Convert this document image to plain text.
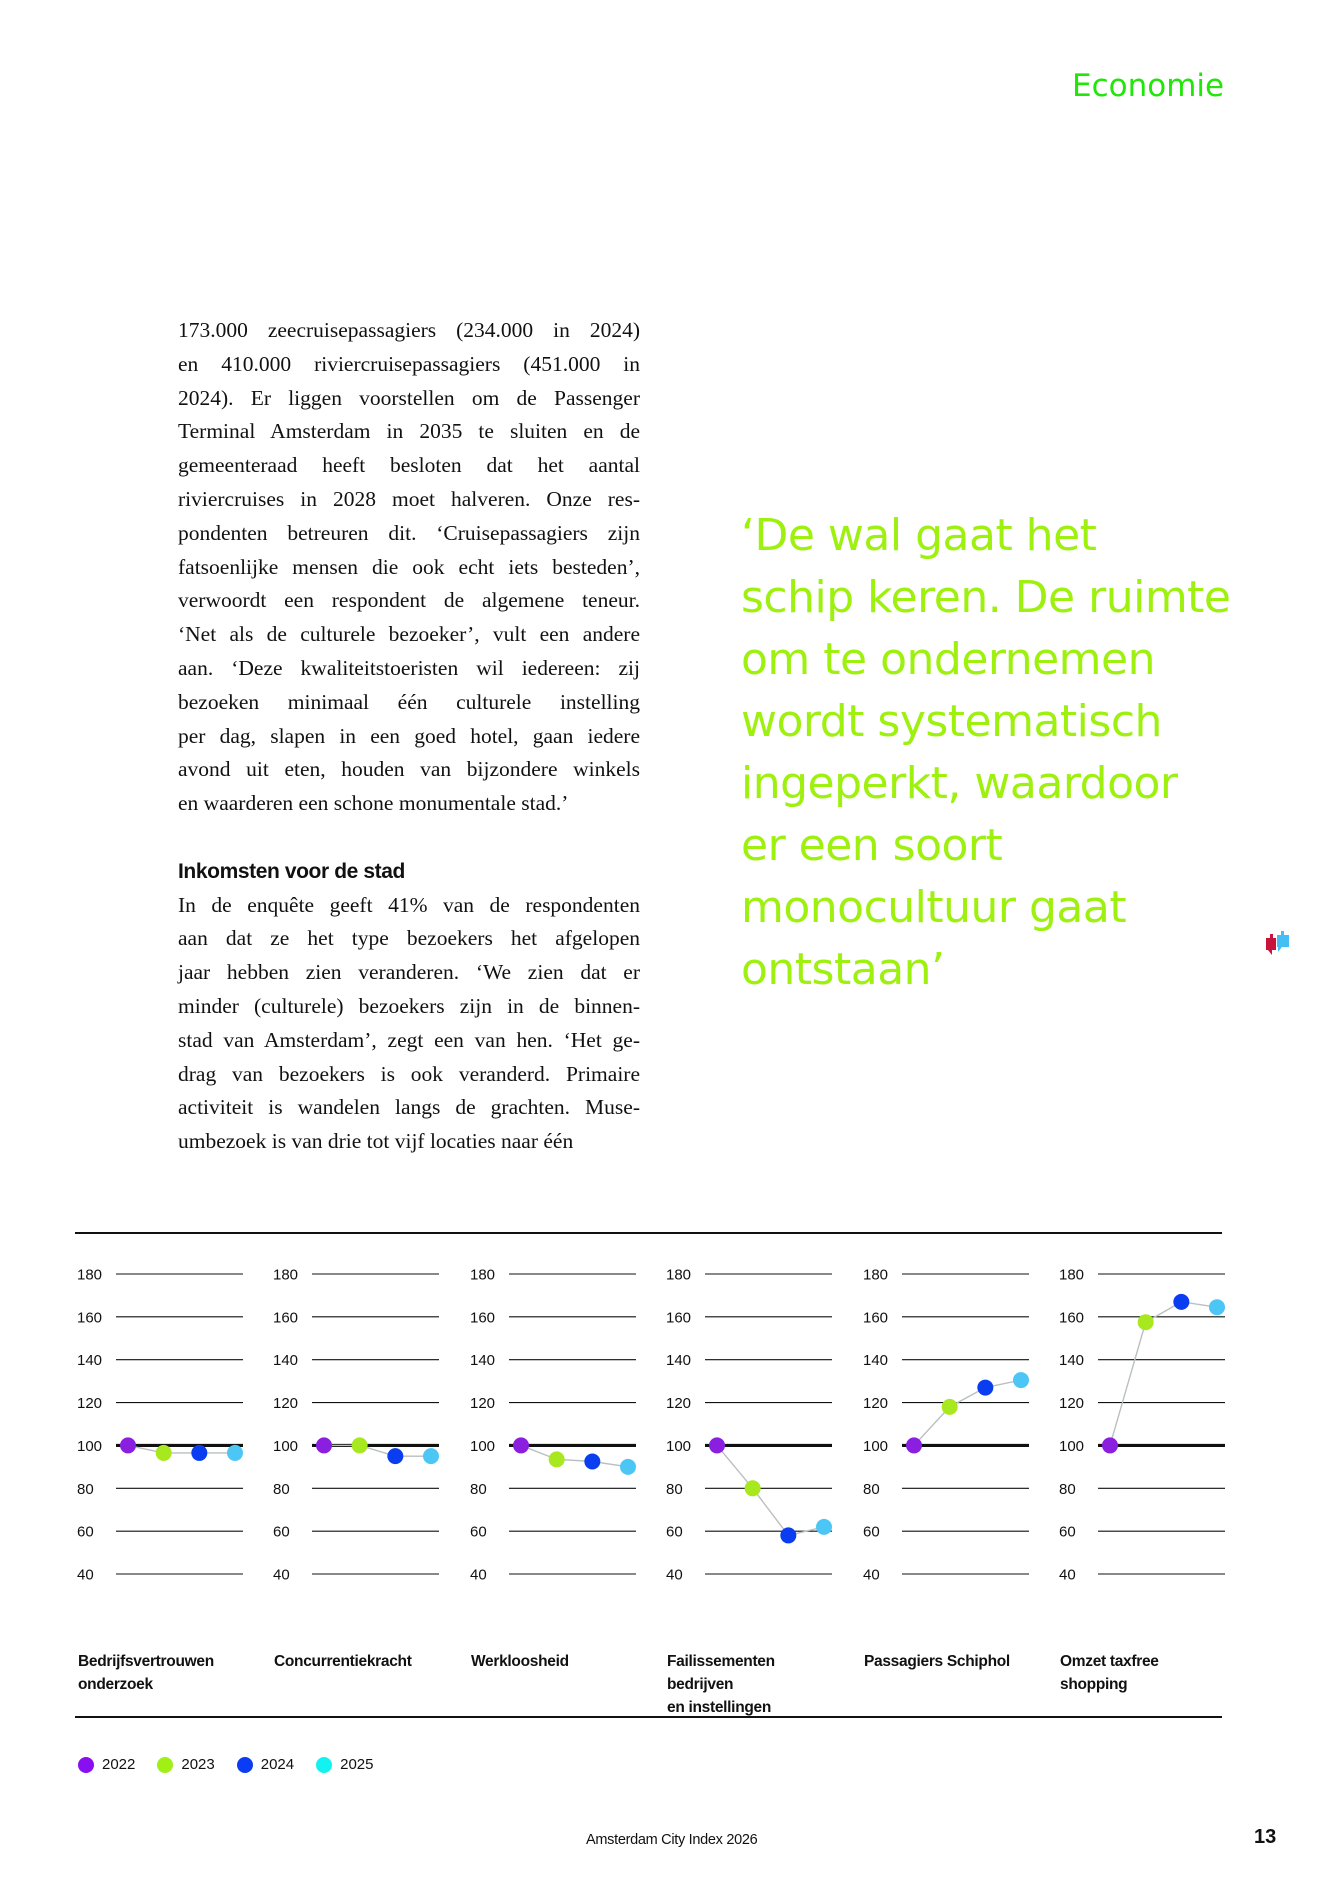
Economie

173.000 zeecruisepassagiers (234.000 in 2024)
en 410.000 riviercruisepassagiers (451.000 in
2024). Er liggen voorstellen om de Passenger
Terminal Amsterdam in 2035 te sluiten en de
gemeenteraad heeft besloten dat het aantal
riviercruises in 2028 moet halveren. Onze res-
pondenten betreuren dit. ‘Cruisepassagiers zijn
fatsoenlijke mensen die ook echt iets besteden’,
verwoordt een respondent de algemene teneur.
‘Net als de culturele bezoeker’, vult een andere
aan. ‘Deze kwaliteitstoeristen wil iedereen: zij
bezoeken minimaal één culturele instelling
per dag, slapen in een goed hotel, gaan iedere
avond uit eten, houden van bijzondere winkels
en waarderen een schone monumentale stad.’

Inkomsten voor de stad

In de enquête geeft 41% van de respondenten
aan dat ze het type bezoekers het afgelopen
jaar hebben zien veranderen. ‘We zien dat er
minder (culturele) bezoekers zijn in de binnen-
stad van Amsterdam’, zegt een van hen. ‘Het ge-
drag van bezoekers is ook veranderd. Primaire
activiteit is wandelen langs de grachten. Muse-
umbezoek is van drie tot vijf locaties naar één

‘De wal gaat het
schip keren. De ruimte
om te ondernemen
wordt systematisch
ingeperkt, waardoor
er een soort
monocultuur gaat
ontstaan’
180
160
140
120
100
80
60
40
180
160
140
120
100
80
60
40
180
160
140
120
100
80
60
40
180
160
140
120
100
80
60
40
180
160
140
120
100
80
60
40
180
160
140
120
100
80
60
40
Bedrijfsvertrouwen
onderzoek
Concurrentiekracht	Werkloosheid	Failissementen
bedrijven
en instellingen
Passagiers Schiphol	Omzet taxfree
shopping
2022	2023	2024	2025
Amsterdam City Index 2026	13
